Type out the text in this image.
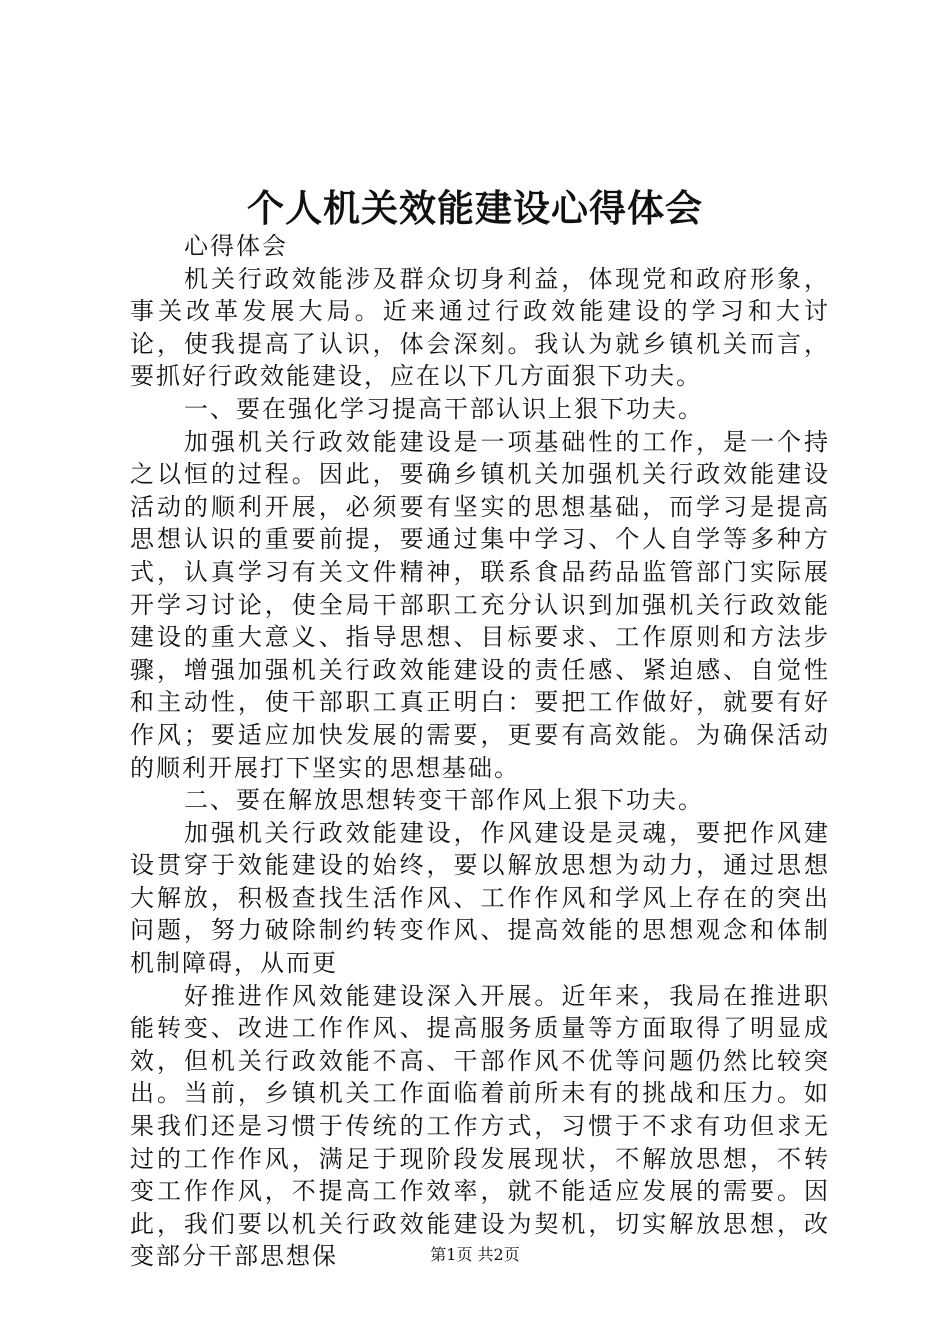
个人机关效能建设心得体会

心得体会

机关行政效能涉及群众切身利益，体现党和政府形象，事关改革发展大局。近来通过行政效能建设的学习和大讨论，使我提高了认识，体会深刻。我认为就乡镇机关而言，要抓好行政效能建设，应在以下几方面狠下功夫。

一、要在强化学习提高干部认识上狠下功夫。

加强机关行政效能建设是一项基础性的工作，是一个持之以恒的过程。因此，要确乡镇机关加强机关行政效能建设活动的顺利开展，必须要有坚实的思想基础，而学习是提高思想认识的重要前提，要通过集中学习、个人自学等多种方式，认真学习有关文件精神，联系食品药品监管部门实际展开学习讨论，使全局干部职工充分认识到加强机关行政效能建设的重大意义、指导思想、目标要求、工作原则和方法步骤，增强加强机关行政效能建设的责任感、紧迫感、自觉性和主动性，使干部职工真正明白：要把工作做好，就要有好作风；要适应加快发展的需要，更要有高效能。为确保活动的顺利开展打下坚实的思想基础。

二、要在解放思想转变干部作风上狠下功夫。

加强机关行政效能建设，作风建设是灵魂，要把作风建设贯穿于效能建设的始终，要以解放思想为动力，通过思想大解放，积极查找生活作风、工作作风和学风上存在的突出问题，努力破除制约转变作风、提高效能的思想观念和体制机制障碍，从而更

好推进作风效能建设深入开展。近年来，我局在推进职能转变、改进工作作风、提高服务质量等方面取得了明显成效，但机关行政效能不高、干部作风不优等问题仍然比较突出。当前，乡镇机关工作面临着前所未有的挑战和压力。如果我们还是习惯于传统的工作方式，习惯于不求有功但求无过的工作作风，满足于现阶段发展现状，不解放思想，不转变工作作风，不提高工作效率，就不能适应发展的需要。因此，我们要以机关行政效能建设为契机，切实解放思想，改变部分干部思想保	第1页 共2页
